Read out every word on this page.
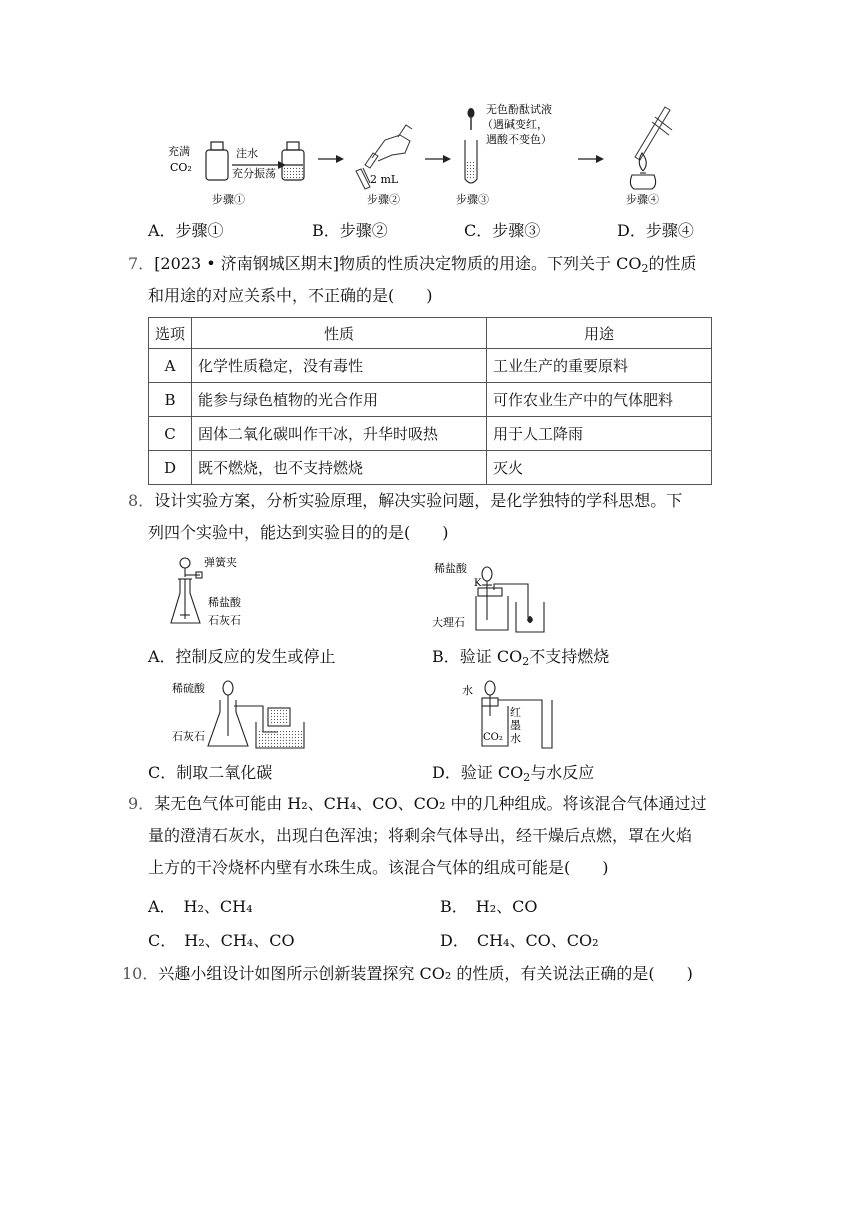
充满
CO₂
注水
充分振荡
步骤①
2 mL
步骤②
无色酚酞试液
（遇碱变红，
遇酸不变色）
步骤③	步骤④
A．步骤①	B．步骤②	C．步骤③	D．步骤④
7．[2023 • 济南钢城区期末]物质的性质决定物质的用途。下列关于 $CO_2$的性质
和用途的对应关系中，不正确的是(　　)
选项	性质	用途
A	化学性质稳定，没有毒性	工业生产的重要原料
B	能参与绿色植物的光合作用	可作农业生产中的气体肥料
C	固体二氧化碳叫作干冰，升华时吸热	用于人工降雨
D	既不燃烧，也不支持燃烧	灭火
8．设计实验方案，分析实验原理，解决实验问题，是化学独特的学科思想。下
列四个实验中，能达到实验目的的是(　　)
弹簧夹
稀盐酸
石灰石
稀盐酸
K
大理石
A．控制反应的发生或停止	B．验证 $CO_2$不支持燃烧
稀硫酸
石灰石
水
红
墨
水
CO₂
C．制取二氧化碳	D．验证 $CO_2$与水反应
9．某无色气体可能由 H₂、CH₄、CO、CO₂ 中的几种组成。将该混合气体通过过
量的澄清石灰水，出现白色浑浊；将剩余气体导出，经干燥后点燃，罩在火焰
上方的干冷烧杯内壁有水珠生成。该混合气体的组成可能是(　　)
A．　H₂、CH₄	B．　H₂、CO
C．　H₂、CH₄、CO	D．　CH₄、CO、CO₂
10．兴趣小组设计如图所示创新装置探究 CO₂ 的性质，有关说法正确的是(　　)
